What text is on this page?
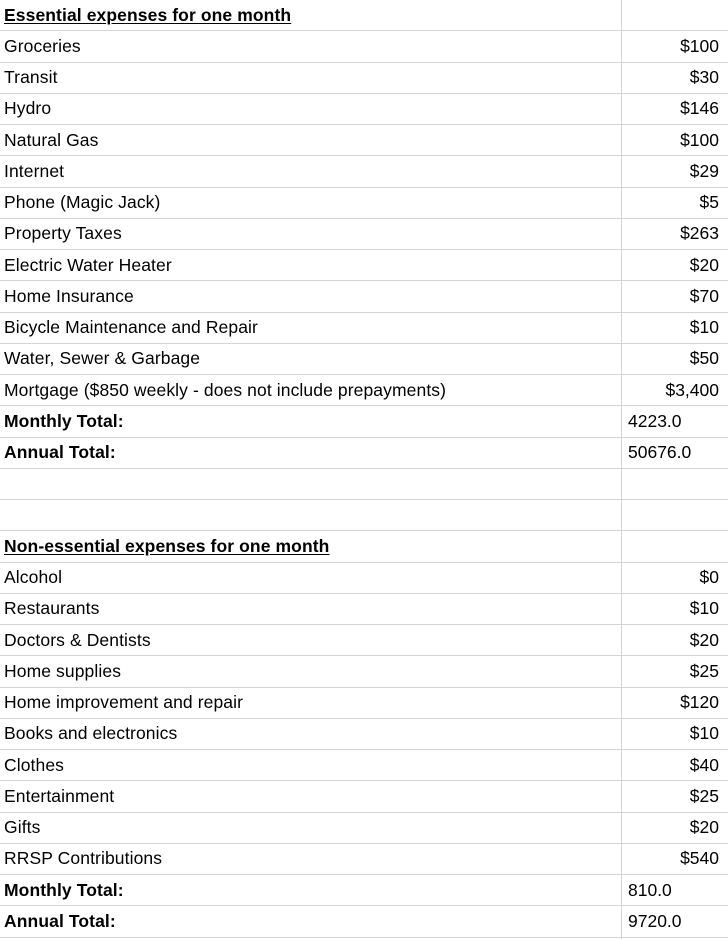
Essential expenses for one month
Groceries	$100
Transit	$30
Hydro	$146
Natural Gas	$100
Internet	$29
Phone (Magic Jack)	$5
Property Taxes	$263
Electric Water Heater	$20
Home Insurance	$70
Bicycle Maintenance and Repair	$10
Water, Sewer & Garbage	$50
Mortgage ($850 weekly - does not include prepayments)	$3,400
Monthly Total:	4223.0
Annual Total:	50676.0
Non-essential expenses for one month
Alcohol	$0
Restaurants	$10
Doctors & Dentists	$20
Home supplies	$25
Home improvement and repair	$120
Books and electronics	$10
Clothes	$40
Entertainment	$25
Gifts	$20
RRSP Contributions	$540
Monthly Total:	810.0
Annual Total:	9720.0
